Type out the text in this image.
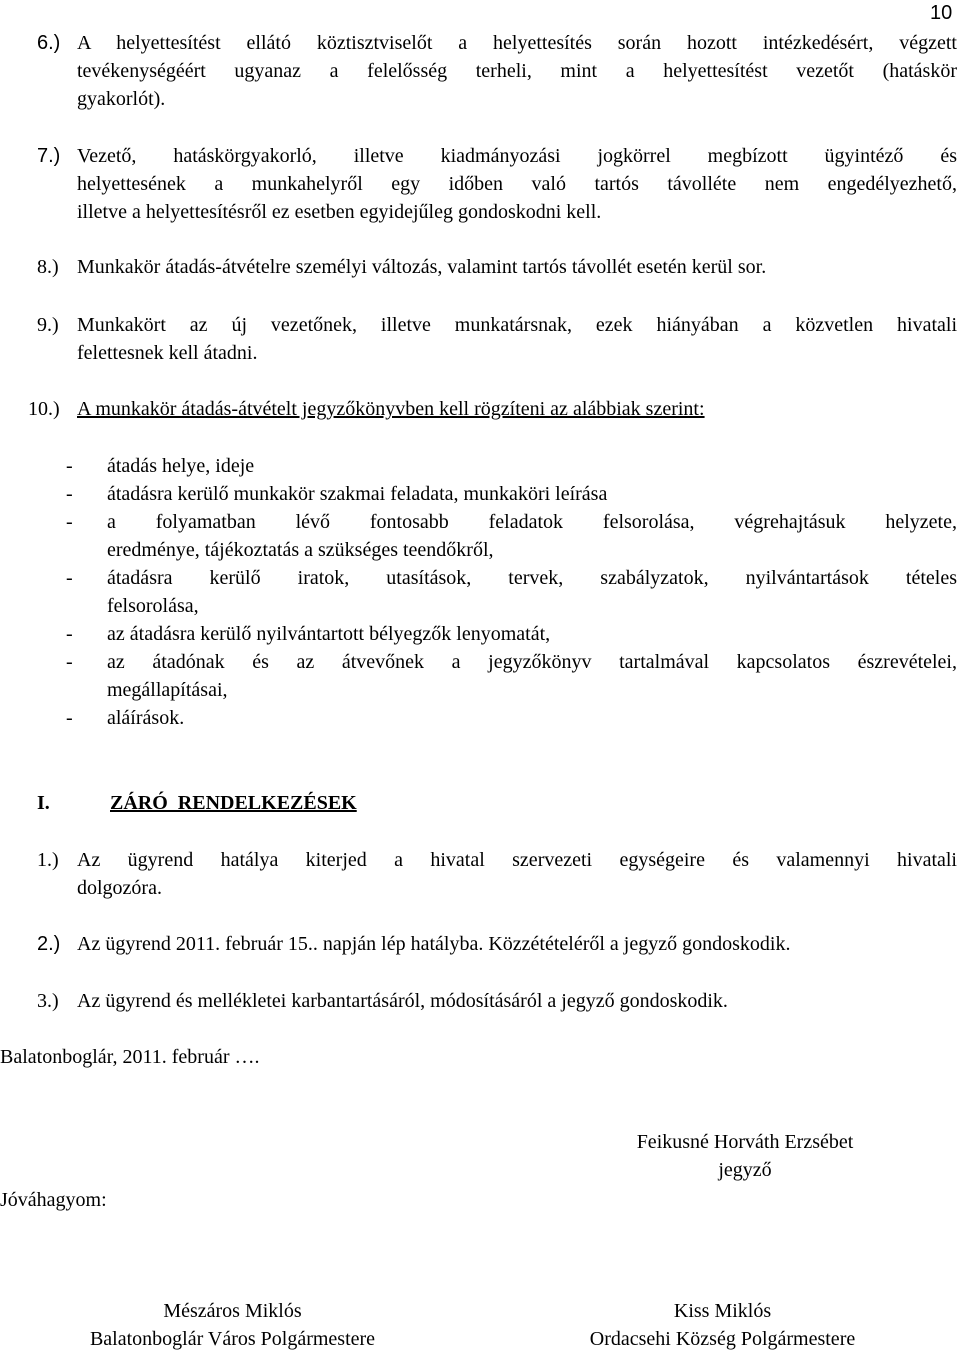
10
6.) A helyettesítést ellátó köztisztviselőt a helyettesítés során hozott intézkedésért, végzett
tevékenységéért ugyanaz a felelősség terheli, mint a helyettesítést vezetőt (hatáskör
gyakorlót).
7.) Vezető, hatáskörgyakorló, illetve kiadmányozási jogkörrel megbízott ügyintéző és
helyettesének a munkahelyről egy időben való tartós távolléte nem engedélyezhető,
illetve a helyettesítésről ez esetben egyidejűleg gondoskodni kell.
8.) Munkakör átadás-átvételre személyi változás, valamint tartós távollét esetén kerül sor.
9.) Munkakört az új vezetőnek, illetve munkatársnak, ezek hiányában a közvetlen hivatali
felettesnek kell átadni.
10.) A munkakör átadás-átvételt jegyzőkönyvben kell rögzíteni az alábbiak szerint:
- átadás helye, ideje
- átadásra kerülő munkakör szakmai feladata, munkaköri leírása
- a folyamatban lévő fontosabb feladatok felsorolása, végrehajtásuk helyzete,
eredménye, tájékoztatás a szükséges teendőkről,
- átadásra kerülő iratok, utasítások, tervek, szabályzatok, nyilvántartások tételes
felsorolása,
- az átadásra kerülő nyilvántartott bélyegzők lenyomatát,
- az átadónak és az átvevőnek a jegyzőkönyv tartalmával kapcsolatos észrevételei,
megállapításai,
- aláírások.
I.	ZÁRÓ  RENDELKEZÉSEK
1.) Az ügyrend hatálya kiterjed a hivatal szervezeti egységeire és valamennyi hivatali
dolgozóra.
2.) Az ügyrend 2011. február 15.. napján lép hatályba. Közzétételéről a jegyző gondoskodik.
3.) Az ügyrend és mellékletei karbantartásáról, módosításáról a jegyző gondoskodik.
Balatonboglár, 2011. február ….
Feikusné Horváth Erzsébet
jegyző
Jóváhagyom:
Mészáros Miklós
Balatonboglár Város Polgármestere
Kiss Miklós
Ordacsehi Község Polgármestere
